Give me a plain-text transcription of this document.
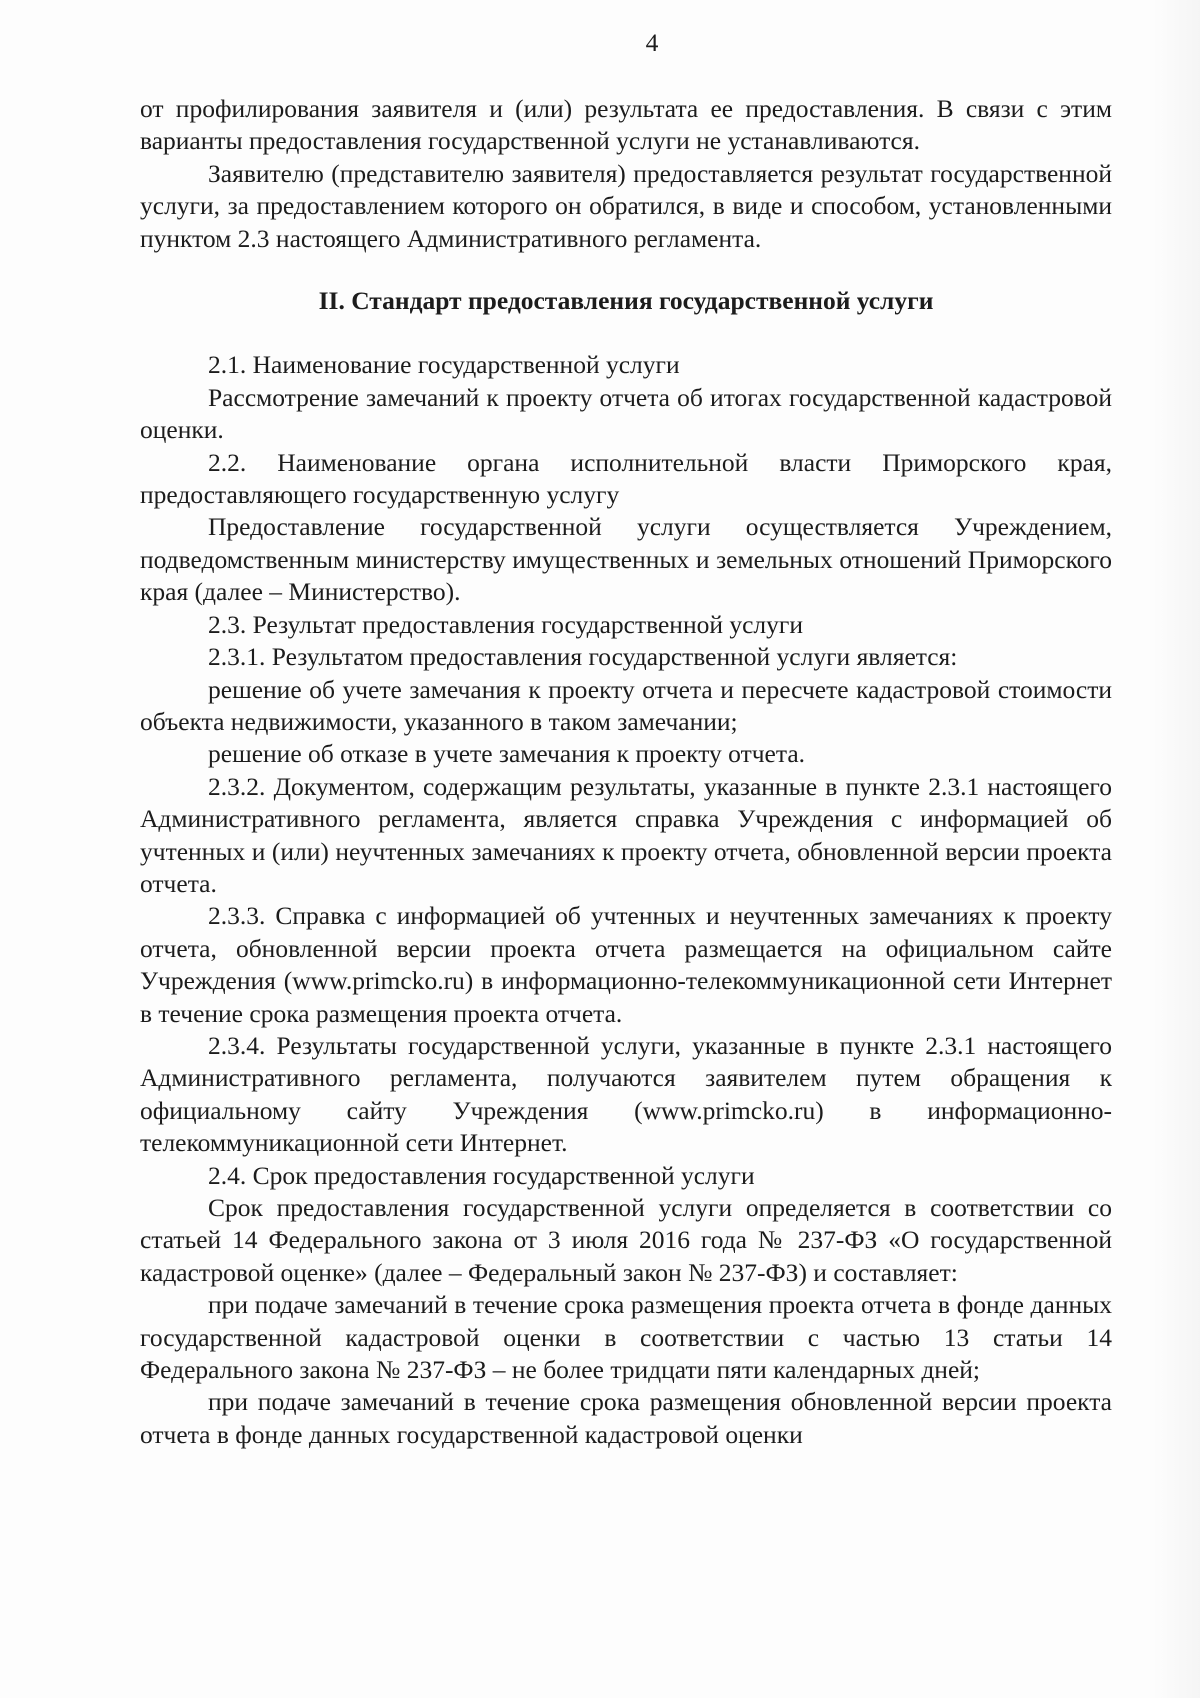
4

от профилирования заявителя и (или) результата ее предоставления. В связи с этим варианты предоставления государственной услуги не устанавливаются.

Заявителю (представителю заявителя) предоставляется результат государственной услуги, за предоставлением которого он обратился, в виде и способом, установленными пунктом 2.3 настоящего Административного регламента.

II. Стандарт предоставления государственной услуги

2.1. Наименование государственной услуги

Рассмотрение замечаний к проекту отчета об итогах государственной кадастровой оценки.

2.2. Наименование органа исполнительной власти Приморского края, предоставляющего государственную услугу

Предоставление государственной услуги осуществляется Учреждением, подведомственным министерству имущественных и земельных отношений Приморского края (далее – Министерство).

2.3. Результат предоставления государственной услуги

2.3.1. Результатом предоставления государственной услуги является:

решение об учете замечания к проекту отчета и пересчете кадастровой стоимости объекта недвижимости, указанного в таком замечании;

решение об отказе в учете замечания к проекту отчета.

2.3.2. Документом, содержащим результаты, указанные в пункте 2.3.1 настоящего Административного регламента, является справка Учреждения с информацией об учтенных и (или) неучтенных замечаниях к проекту отчета, обновленной версии проекта отчета.

2.3.3. Справка с информацией об учтенных и неучтенных замечаниях к проекту отчета, обновленной версии проекта отчета размещается на официальном сайте Учреждения (www.primcko.ru) в информационно-телекоммуникационной сети Интернет в течение срока размещения проекта отчета.

2.3.4. Результаты государственной услуги, указанные в пункте 2.3.1 настоящего Административного регламента, получаются заявителем путем обращения к официальному сайту Учреждения (www.primcko.ru) в информационно-телекоммуникационной сети Интернет.

2.4. Срок предоставления государственной услуги

Срок предоставления государственной услуги определяется в соответствии со статьей 14 Федерального закона от 3 июля 2016 года № 237-ФЗ «О государственной кадастровой оценке» (далее – Федеральный закон № 237-ФЗ) и составляет:

при подаче замечаний в течение срока размещения проекта отчета в фонде данных государственной кадастровой оценки в соответствии с частью 13 статьи 14 Федерального закона № 237-ФЗ – не более тридцати пяти календарных дней;

при подаче замечаний в течение срока размещения обновленной версии проекта отчета в фонде данных государственной кадастровой оценки
